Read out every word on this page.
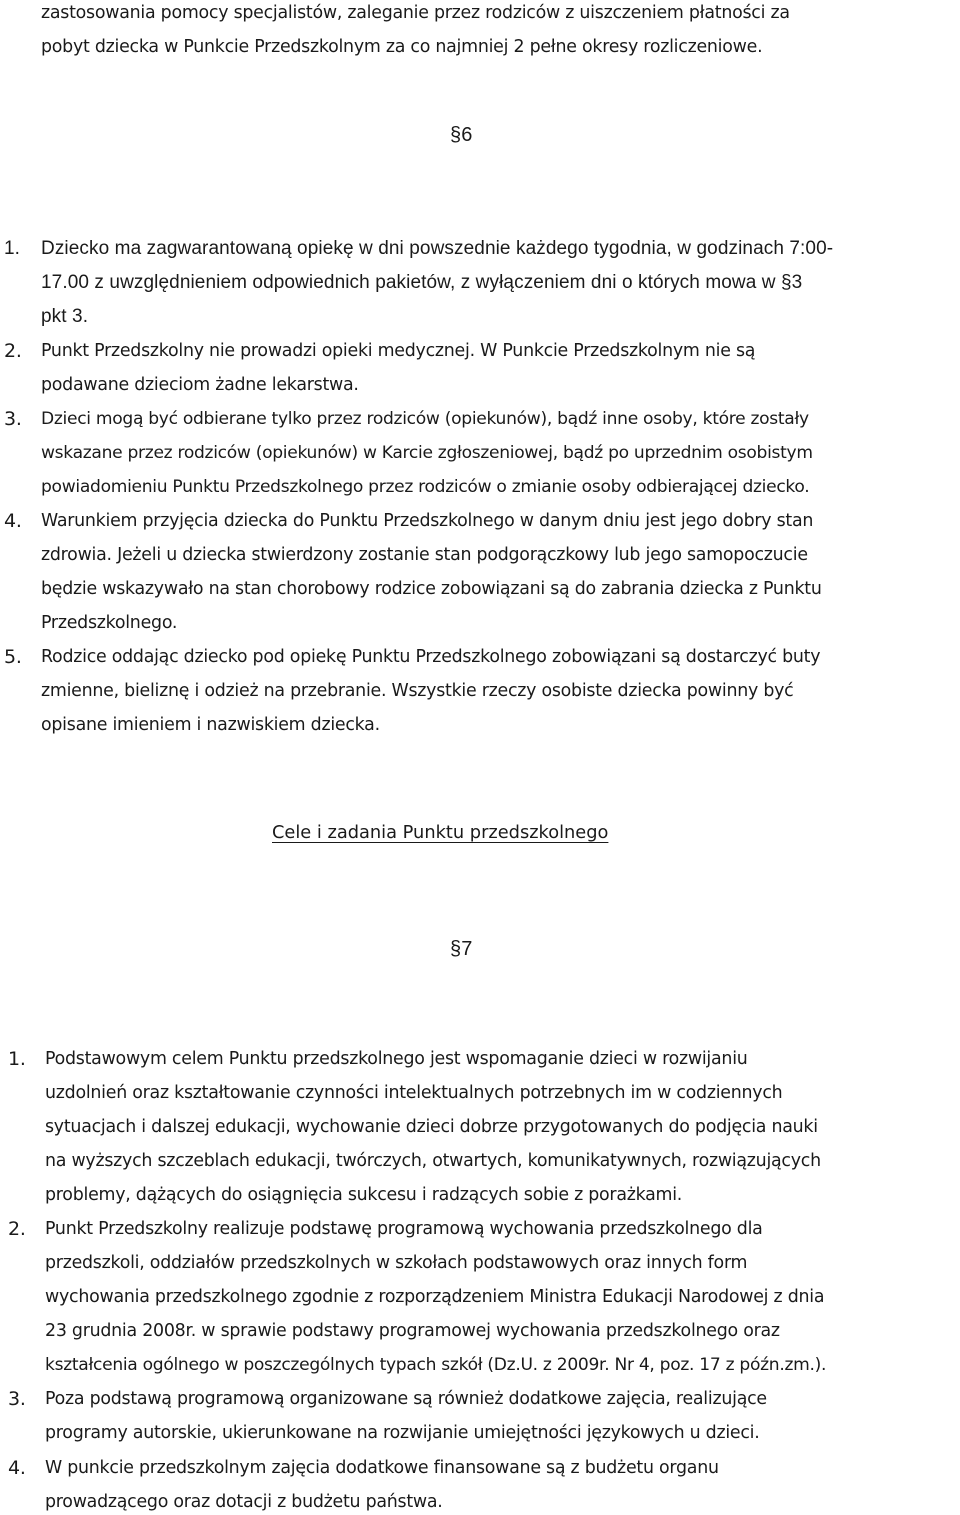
zastosowania pomocy specjalistów, zaleganie przez rodziców z uiszczeniem płatności za
pobyt dziecka w Punkcie Przedszkolnym za co najmniej 2 pełne okresy rozliczeniowe.
§6
1. Dziecko ma zagwarantowaną opiekę w dni powszednie każdego tygodnia, w godzinach 7:00-
17.00 z uwzględnieniem odpowiednich pakietów, z wyłączeniem dni o których mowa w §3
pkt 3.
2. Punkt Przedszkolny nie prowadzi opieki medycznej. W Punkcie Przedszkolnym nie są
podawane dzieciom żadne lekarstwa.
3. Dzieci mogą być odbierane tylko przez rodziców (opiekunów), bądź inne osoby, które zostały
wskazane przez rodziców (opiekunów) w Karcie zgłoszeniowej, bądź po uprzednim osobistym
powiadomieniu Punktu Przedszkolnego przez rodziców o zmianie osoby odbierającej dziecko.
4. Warunkiem przyjęcia dziecka do Punktu Przedszkolnego w danym dniu jest jego dobry stan
zdrowia. Jeżeli u dziecka stwierdzony zostanie stan podgorączkowy lub jego samopoczucie
będzie wskazywało na stan chorobowy rodzice zobowiązani są do zabrania dziecka z Punktu
Przedszkolnego.
5. Rodzice oddając dziecko pod opiekę Punktu Przedszkolnego zobowiązani są dostarczyć buty
zmienne, bieliznę i odzież na przebranie. Wszystkie rzeczy osobiste dziecka powinny być
opisane imieniem i nazwiskiem dziecka.
Cele i zadania Punktu przedszkolnego
§7
1. Podstawowym celem Punktu przedszkolnego jest wspomaganie dzieci w rozwijaniu
uzdolnień oraz kształtowanie czynności intelektualnych potrzebnych im w codziennych
sytuacjach i dalszej edukacji, wychowanie dzieci dobrze przygotowanych do podjęcia nauki
na wyższych szczeblach edukacji, twórczych, otwartych, komunikatywnych, rozwiązujących
problemy, dążących do osiągnięcia sukcesu i radzących sobie z porażkami.
2. Punkt Przedszkolny realizuje podstawę programową wychowania przedszkolnego dla
przedszkoli, oddziałów przedszkolnych w szkołach podstawowych oraz innych form
wychowania przedszkolnego zgodnie z rozporządzeniem Ministra Edukacji Narodowej z dnia
23 grudnia 2008r. w sprawie podstawy programowej wychowania przedszkolnego oraz
kształcenia ogólnego w poszczególnych typach szkół (Dz.U. z 2009r. Nr 4, poz. 17 z późn.zm.).
3. Poza podstawą programową organizowane są również dodatkowe zajęcia, realizujące
programy autorskie, ukierunkowane na rozwijanie umiejętności językowych u dzieci.
4. W punkcie przedszkolnym zajęcia dodatkowe finansowane są z budżetu organu
prowadzącego oraz dotacji z budżetu państwa.
